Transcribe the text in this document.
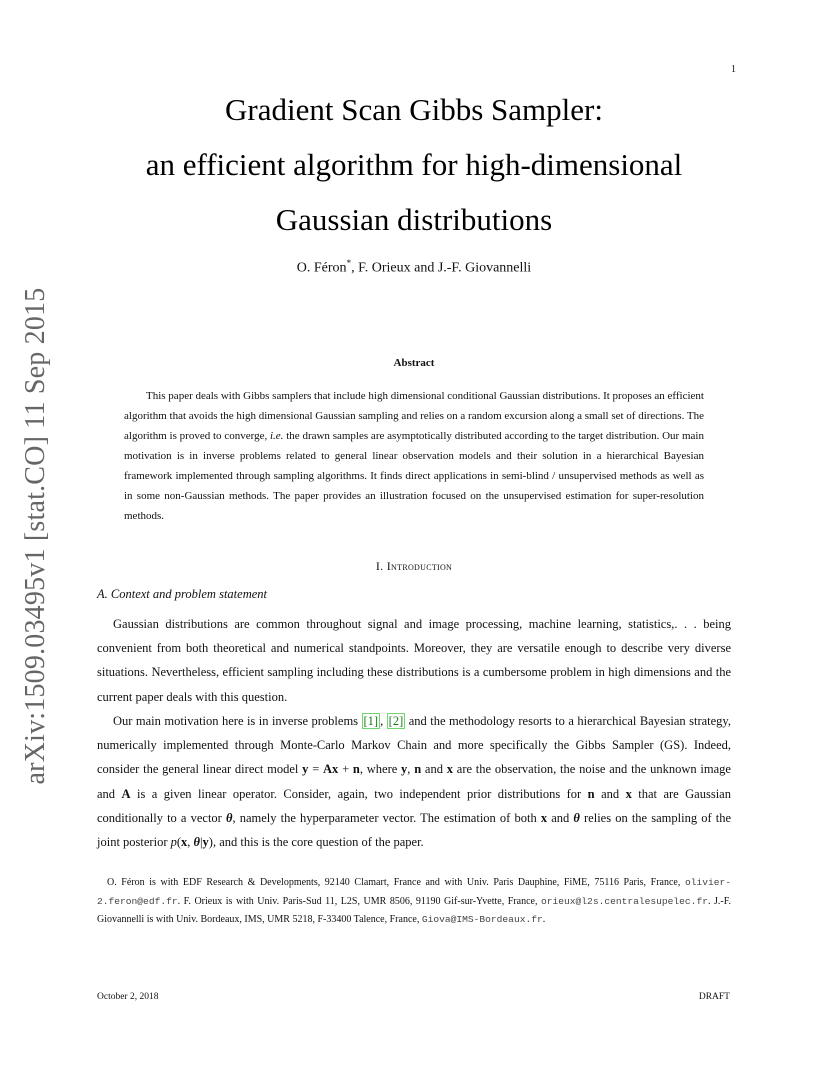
1
arXiv:1509.03495v1 [stat.CO] 11 Sep 2015
Gradient Scan Gibbs Sampler:
an efficient algorithm for high-dimensional
Gaussian distributions
O. Féron*, F. Orieux and J.-F. Giovannelli
Abstract
This paper deals with Gibbs samplers that include high dimensional conditional Gaussian distributions. It proposes an efficient algorithm that avoids the high dimensional Gaussian sampling and relies on a random excursion along a small set of directions. The algorithm is proved to converge, i.e. the drawn samples are asymptotically distributed according to the target distribution. Our main motivation is in inverse problems related to general linear observation models and their solution in a hierarchical Bayesian framework implemented through sampling algorithms. It finds direct applications in semi-blind / unsupervised methods as well as in some non-Gaussian methods. The paper provides an illustration focused on the unsupervised estimation for super-resolution methods.
I. Introduction
A. Context and problem statement

Gaussian distributions are common throughout signal and image processing, machine learning, statistics,. . . being convenient from both theoretical and numerical standpoints. Moreover, they are versatile enough to describe very diverse situations. Nevertheless, efficient sampling including these distributions is a cumbersome problem in high dimensions and the current paper deals with this question.

Our main motivation here is in inverse problems [1] , [2] and the methodology resorts to a hierarchical Bayesian strategy, numerically implemented through Monte-Carlo Markov Chain and more specifically the Gibbs Sampler (GS). Indeed, consider the general linear direct model y = Ax + n, where y, n and x are the observation, the noise and the unknown image and A is a given linear operator. Consider, again, two independent prior distributions for n and x that are Gaussian conditionally to a vector θ, namely the hyperparameter vector. The estimation of both x and θ relies on the sampling of the joint posterior p(x, θ|y), and this is the core question of the paper.

O. Féron is with EDF Research & Developments, 92140 Clamart, France and with Univ. Paris Dauphine, FiME, 75116 Paris, France, olivier-2.feron@edf.fr. F. Orieux is with Univ. Paris-Sud 11, L2S, UMR 8506, 91190 Gif-sur-Yvette, France, orieux@l2s.centralesupelec.fr. J.-F. Giovannelli is with Univ. Bordeaux, IMS, UMR 5218, F-33400 Talence, France, Giova@IMS-Bordeaux.fr.
October 2, 2018	DRAFT
